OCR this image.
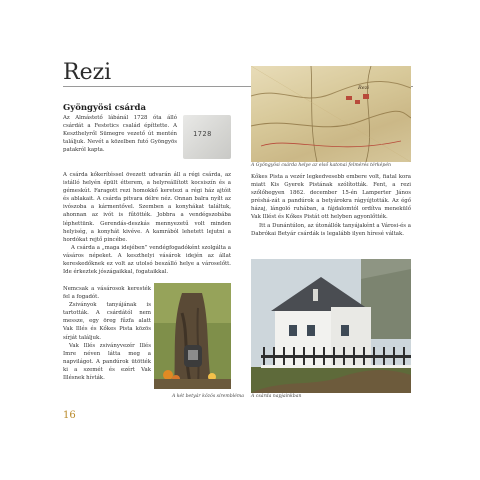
Rezi
Gyöngyösi csárda

Az Almástető lábánál 1728 óta álló csárdát a Festetics család építtette. A Keszthelyről Sümegre vezető út mentén találjuk. Nevét a közelben futó Gyöngyös patakról kapta.

1728

A csárda kőkerítéssel övezett udvarán áll a régi csárda, az istálló helyén épült étterem, a helyreállított kocsiszín és a gémeskút. Faragott rezi homokkő keretezi a régi ház ajtóit és ablakait. A csárda pitvara délre néz. Onnan balra nyílt az ivószoba a kármentővel. Szemben a konyhákat találtuk, ahonnan az ivót is fűtötték. Jobbra a vendégszobába léphettünk. Gerendás-deszkás mennyezetű volt minden helyiség, a konyhát kivéve. A kamrából lehetett lejutni a hordókat rejtő pincébe.

A csárda a „maga idejében” vendégfogadóként szolgálta a vásáros népeket. A keszthelyi vásárok idején az állat kereskedőknek ez volt az utolsó beszálló helye a városelőtt. Ide érkeztek jószágaikkal, fogataikkal.

Nemcsak a vásárosok keresték fel a fogadót.

Zsiványok tanyájának is tartották. A csárdától nem messze, egy öreg fűzfa alatt Vak Illés és Kőkes Pista közös sírját találjuk.

Vak Illés zsiványvezér Illés Imre néven látta meg a napvilágot. A pandúrok ütötték ki a szemét és ezért Vak Illésnek hívták.

A két betyár közös sírembléma
Rezi
A Gyöngyösi csárda helye az első katonai felmérés térképén

Kőkes Pista a vezér legkedvesebb embere volt, fiatal kora miatt Kis Gyerek Pistának szólították. Fent, a rezi szőlőhegyen 1862. december 15-én Lamperter János préshá-zát a pandúrok a betyárokra rágyújtották. Az égő házaj, lángoló ruhában, a fájdalomtól ordítva menekülő Vak Illést és Kőkes Pistát ott helyben agyonlőtték.

Itt a Dunántúlon, az útonállók tanyájaként a Városi-és a Dabrókai Betyár csárdák is legalább ilyen híresé váltak.

A csárda napjainkban
16
